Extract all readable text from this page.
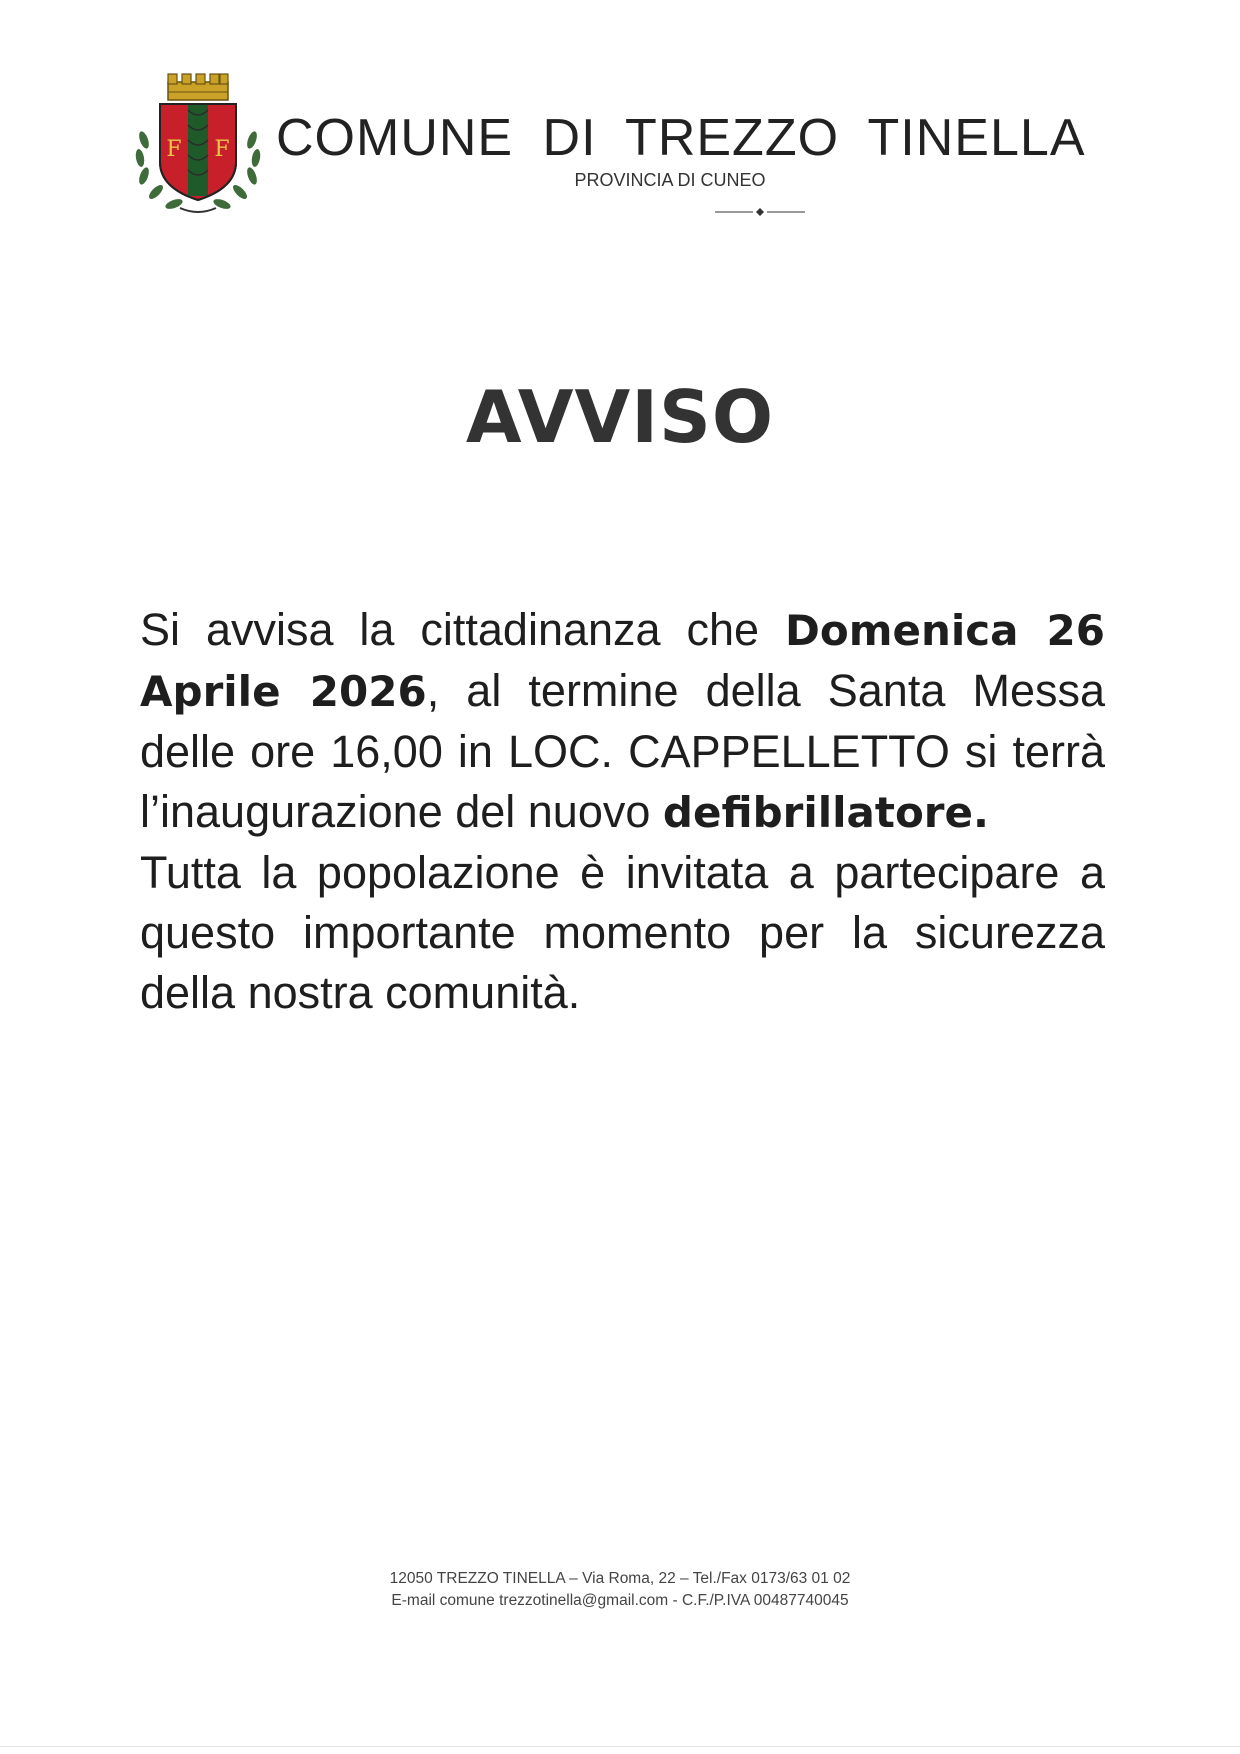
F F COMUNE DI TREZZO TINELLA
PROVINCIA DI CUNEO
AVVISO

Si avvisa la cittadinanza che Domenica 26 Aprile 2026, al termine della Santa Messa delle ore 16,00 in LOC. CAPPELLETTO si terrà l’inaugurazione del nuovo defibrillatore.

Tutta la popolazione è invitata a partecipare a questo importante momento per la sicurezza della nostra comunità.

12050 TREZZO TINELLA – Via Roma, 22 – Tel./Fax 0173/63 01 02
E-mail comune trezzotinella@gmail.com - C.F./P.IVA 00487740045
